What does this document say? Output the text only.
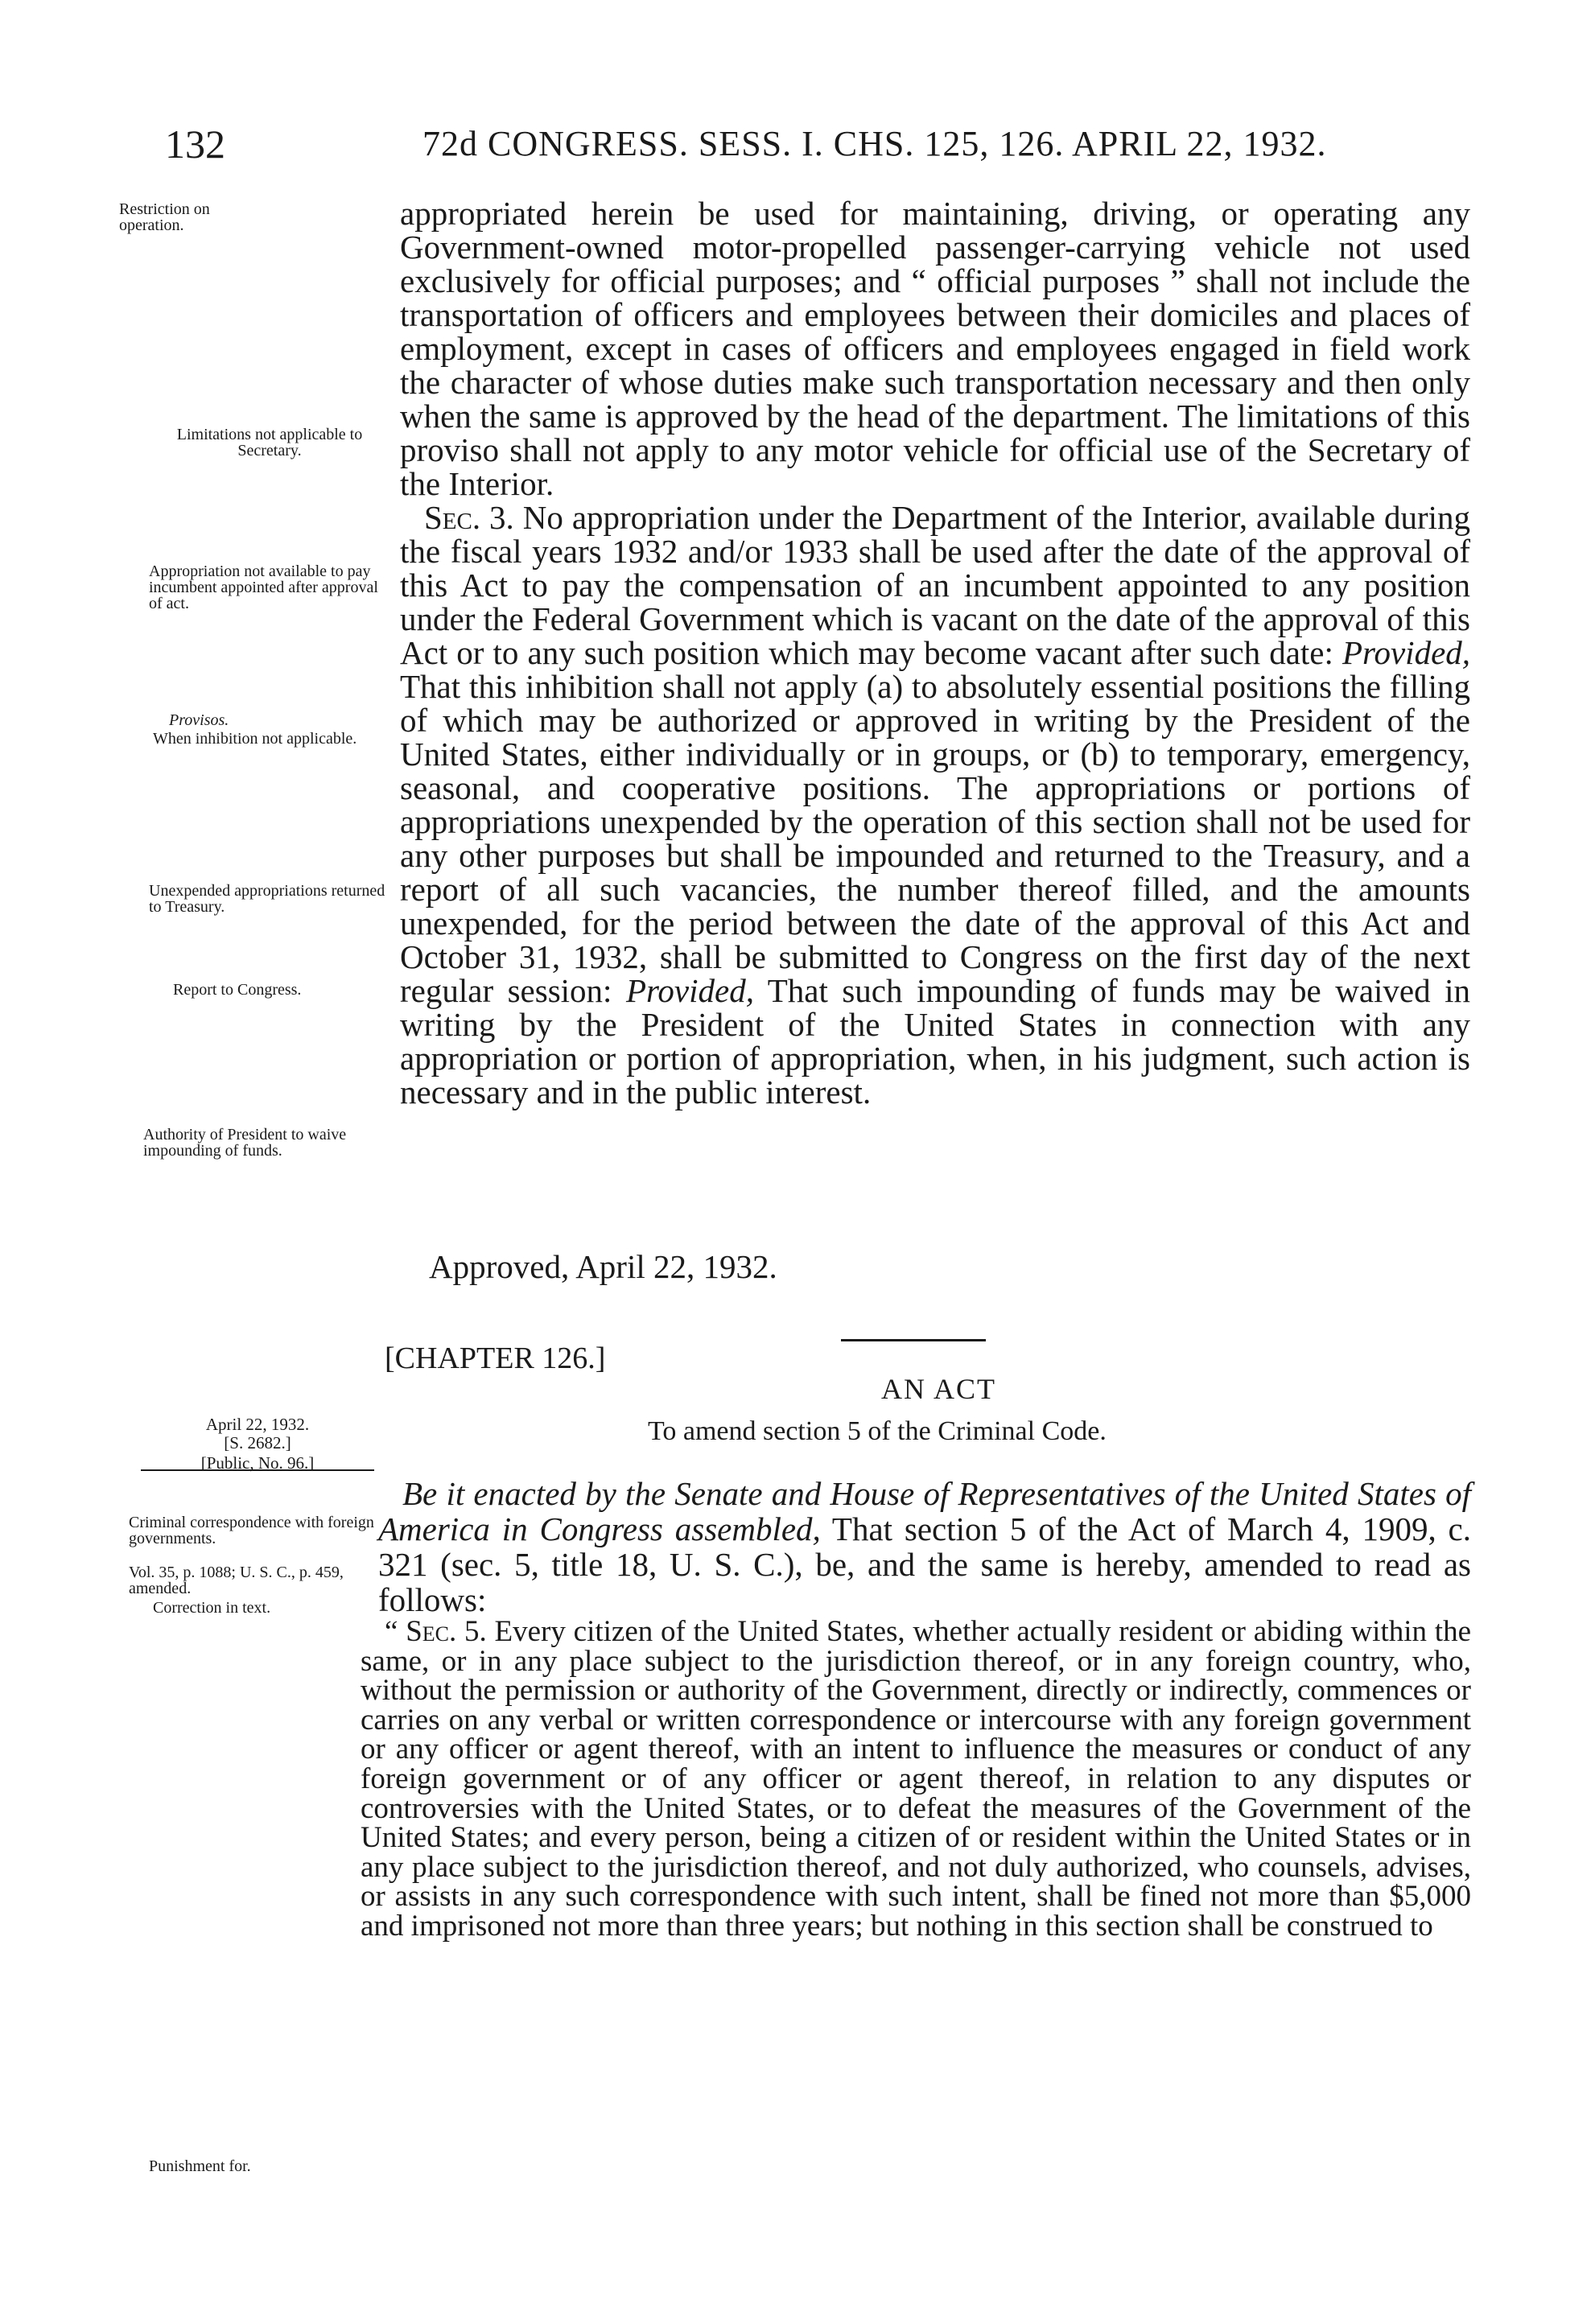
132	72d CONGRESS. SESS. I. CHS. 125, 126. APRIL 22, 1932.
Restriction on operation.
Limitations not applicable to Secretary.
Appropriation not available to pay incumbent appointed after approval of act.
Provisos.
When inhibition not applicable.
Unexpended appropriations returned to Treasury.
Report to Congress.
Authority of President to waive impounding of funds.

appropriated herein be used for maintaining, driving, or operating any Government-owned motor-propelled passenger-carrying vehicle not used exclusively for official purposes; and “ official purposes ” shall not include the transportation of officers and employees between their domiciles and places of employment, except in cases of officers and employees engaged in field work the character of whose duties make such transportation necessary and then only when the same is approved by the head of the department. The limitations of this proviso shall not apply to any motor vehicle for official use of the Secretary of the Interior.

Sec. 3. No appropriation under the Department of the Interior, available during the fiscal years 1932 and/or 1933 shall be used after the date of the approval of this Act to pay the compensation of an incumbent appointed to any position under the Federal Government which is vacant on the date of the approval of this Act or to any such position which may become vacant after such date: Provided, That this inhibition shall not apply (a) to absolutely essential positions the filling of which may be authorized or approved in writing by the President of the United States, either individually or in groups, or (b) to temporary, emergency, seasonal, and cooperative positions. The appropriations or portions of appropriations unexpended by the operation of this section shall not be used for any other purposes but shall be impounded and returned to the Treasury, and a report of all such vacancies, the number thereof filled, and the amounts unexpended, for the period between the date of the approval of this Act and October 31, 1932, shall be submitted to Congress on the first day of the next regular session: Provided, That such impounding of funds may be waived in writing by the President of the United States in connection with any appropriation or portion of appropriation, when, in his judgment, such action is necessary and in the public interest.

Approved, April 22, 1932.
[CHAPTER 126.]
AN ACT
To amend section 5 of the Criminal Code.
April 22, 1932.
[S. 2682.]
[Public, No. 96.]
Criminal correspondence with foreign governments.
Vol. 35, p. 1088; U. S. C., p. 459, amended.
Correction in text.
Punishment for.

Be it enacted by the Senate and House of Representatives of the United States of America in Congress assembled, That section 5 of the Act of March 4, 1909, c. 321 (sec. 5, title 18, U. S. C.), be, and the same is hereby, amended to read as follows:

“ Sec. 5. Every citizen of the United States, whether actually resident or abiding within the same, or in any place subject to the jurisdiction thereof, or in any foreign country, who, without the permission or authority of the Government, directly or indirectly, commences or carries on any verbal or written correspondence or intercourse with any foreign government or any officer or agent thereof, with an intent to influence the measures or conduct of any foreign government or of any officer or agent thereof, in relation to any disputes or controversies with the United States, or to defeat the measures of the Government of the United States; and every person, being a citizen of or resident within the United States or in any place subject to the jurisdiction thereof, and not duly authorized, who counsels, advises, or assists in any such correspondence with such intent, shall be fined not more than $5,000 and imprisoned not more than three years; but nothing in this section shall be construed to
